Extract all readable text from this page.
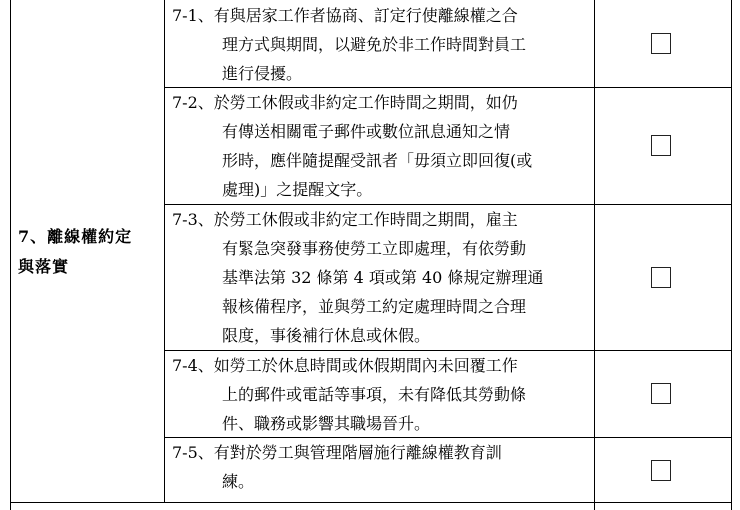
7、離線權約定
與落實
7-1、有與居家工作者協商、訂定行使離線權之合
理方式與期間，以避免於非工作時間對員工
進行侵擾。
7-2、於勞工休假或非約定工作時間之期間，如仍
有傳送相關電子郵件或數位訊息通知之情
形時，應伴隨提醒受訊者「毋須立即回復(或
處理)」之提醒文字。
7-3、於勞工休假或非約定工作時間之期間，雇主
有緊急突發事務使勞工立即處理，有依勞動
基準法第 32 條第 4 項或第 40 條規定辦理通
報核備程序，並與勞工約定處理時間之合理
限度，事後補行休息或休假。
7-4、如勞工於休息時間或休假期間內未回覆工作
上的郵件或電話等事項，未有降低其勞動條
件、職務或影響其職場晉升。
7-5、有對於勞工與管理階層施行離線權教育訓
練。
